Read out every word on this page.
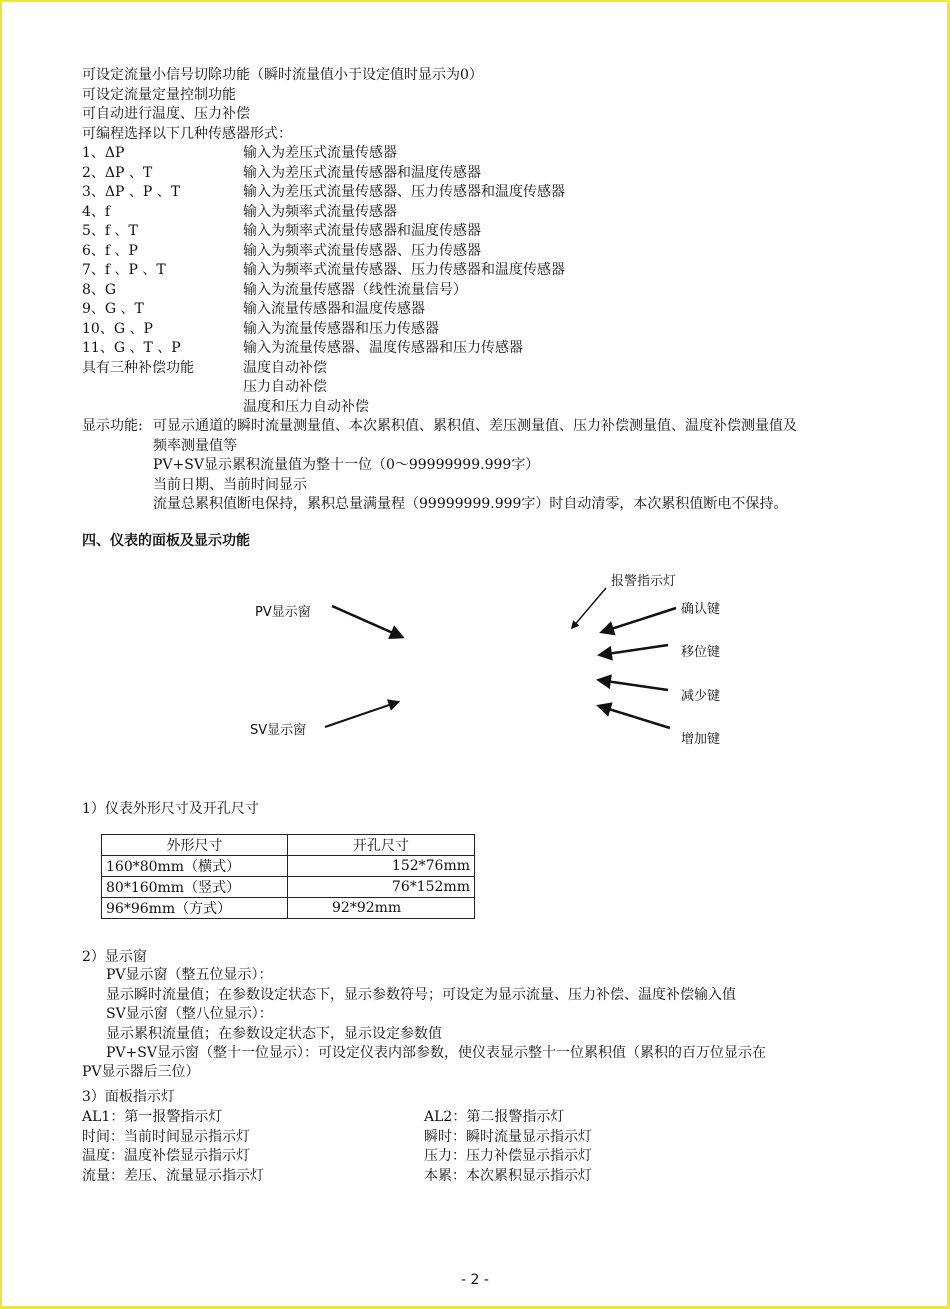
可设定流量小信号切除功能（瞬时流量值小于设定值时显示为0）
可设定流量定量控制功能
可自动进行温度、压力补偿
可编程选择以下几种传感器形式：
1、ΔP	输入为差压式流量传感器
2、ΔP 、T	输入为差压式流量传感器和温度传感器
3、ΔP 、P 、T	输入为差压式流量传感器、压力传感器和温度传感器
4、f	输入为频率式流量传感器
5、f 、T	输入为频率式流量传感器和温度传感器
6、f 、P	输入为频率式流量传感器、压力传感器
7、f 、P 、T	输入为频率式流量传感器、压力传感器和温度传感器
8、G	输入为流量传感器（线性流量信号）
9、G 、T	输入流量传感器和温度传感器
10、G 、P	输入为流量传感器和压力传感器
11、G 、T 、P	输入为流量传感器、温度传感器和压力传感器
具有三种补偿功能	温度自动补偿
压力自动补偿
温度和压力自动补偿
显示功能: 可显示通道的瞬时流量测量值、本次累积值、累积值、差压测量值、压力补偿测量值、温度补偿测量值及
频率测量值等
PV+SV显示累积流量值为整十一位（0～99999999.999字）
当前日期、当前时间显示
流量总累积值断电保持，累积总量满量程（99999999.999字）时自动清零，本次累积值断电不保持。
四、仪表的面板及显示功能
PV显示窗
SV显示窗
报警指示灯
确认键
移位键
减少键
增加键
1）仪表外形尺寸及开孔尺寸
外形尺寸	开孔尺寸
160*80mm（横式）	152*76mm
80*160mm（竖式）	76*152mm
96*96mm（方式）	92*92mm
2）显示窗
PV显示窗（整五位显示）：
显示瞬时流量值；在参数设定状态下，显示参数符号；可设定为显示流量、压力补偿、温度补偿输入值
SV显示窗（整八位显示）：
显示累积流量值；在参数设定状态下，显示设定参数值
PV+SV显示窗（整十一位显示）：可设定仪表内部参数，使仪表显示整十一位累积值（累积的百万位显示在
PV显示器后三位）
3）面板指示灯
AL1：第一报警指示灯	AL2：第二报警指示灯
时间：当前时间显示指示灯	瞬时：瞬时流量显示指示灯
温度：温度补偿显示指示灯	压力：压力补偿显示指示灯
流量：差压、流量显示指示灯	本累：本次累积显示指示灯
- 2 -
